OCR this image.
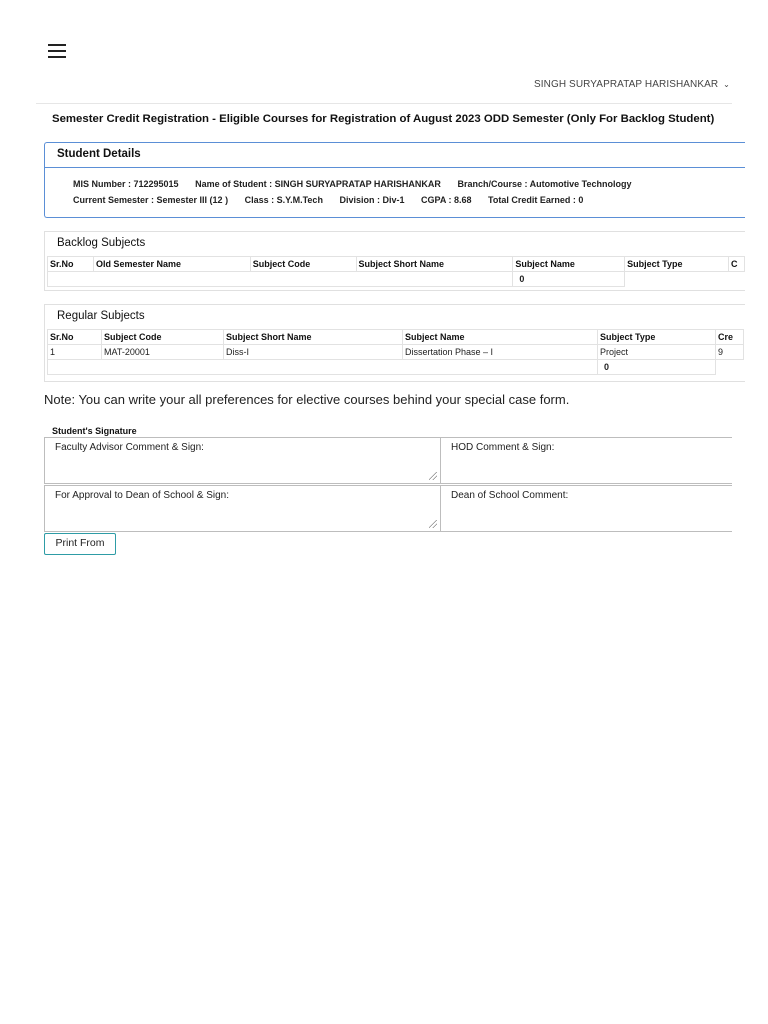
SINGH SURYAPRATAP HARISHANKAR ⌄
Semester Credit Registration - Eligible Courses for Registration of August 2023 ODD Semester (Only For Backlog Student)
Student Details
MIS Number : 712295015 Name of Student : SINGH SURYAPRATAP HARISHANKAR Branch/Course : Automotive Technology
Current Semester : Semester III (12 ) Class : S.Y.M.Tech Division : Div-1 CGPA : 8.68 Total Credit Earned : 0
Backlog Subjects
Sr.No	Old Semester Name	Subject Code	Subject Short Name	Subject Name	Subject Type	C
				0		
Regular Subjects
Sr.No	Subject Code	Subject Short Name	Subject Name	Subject Type	Cre
1	MAT-20001	Diss-I	Dissertation Phase – I	Project	9
				0	
Note: You can write your all preferences for elective courses behind your special case form.
Student's Signature
Faculty Advisor Comment & Sign:	HOD Comment & Sign:
For Approval to Dean of School & Sign:	Dean of School Comment:
Print From
